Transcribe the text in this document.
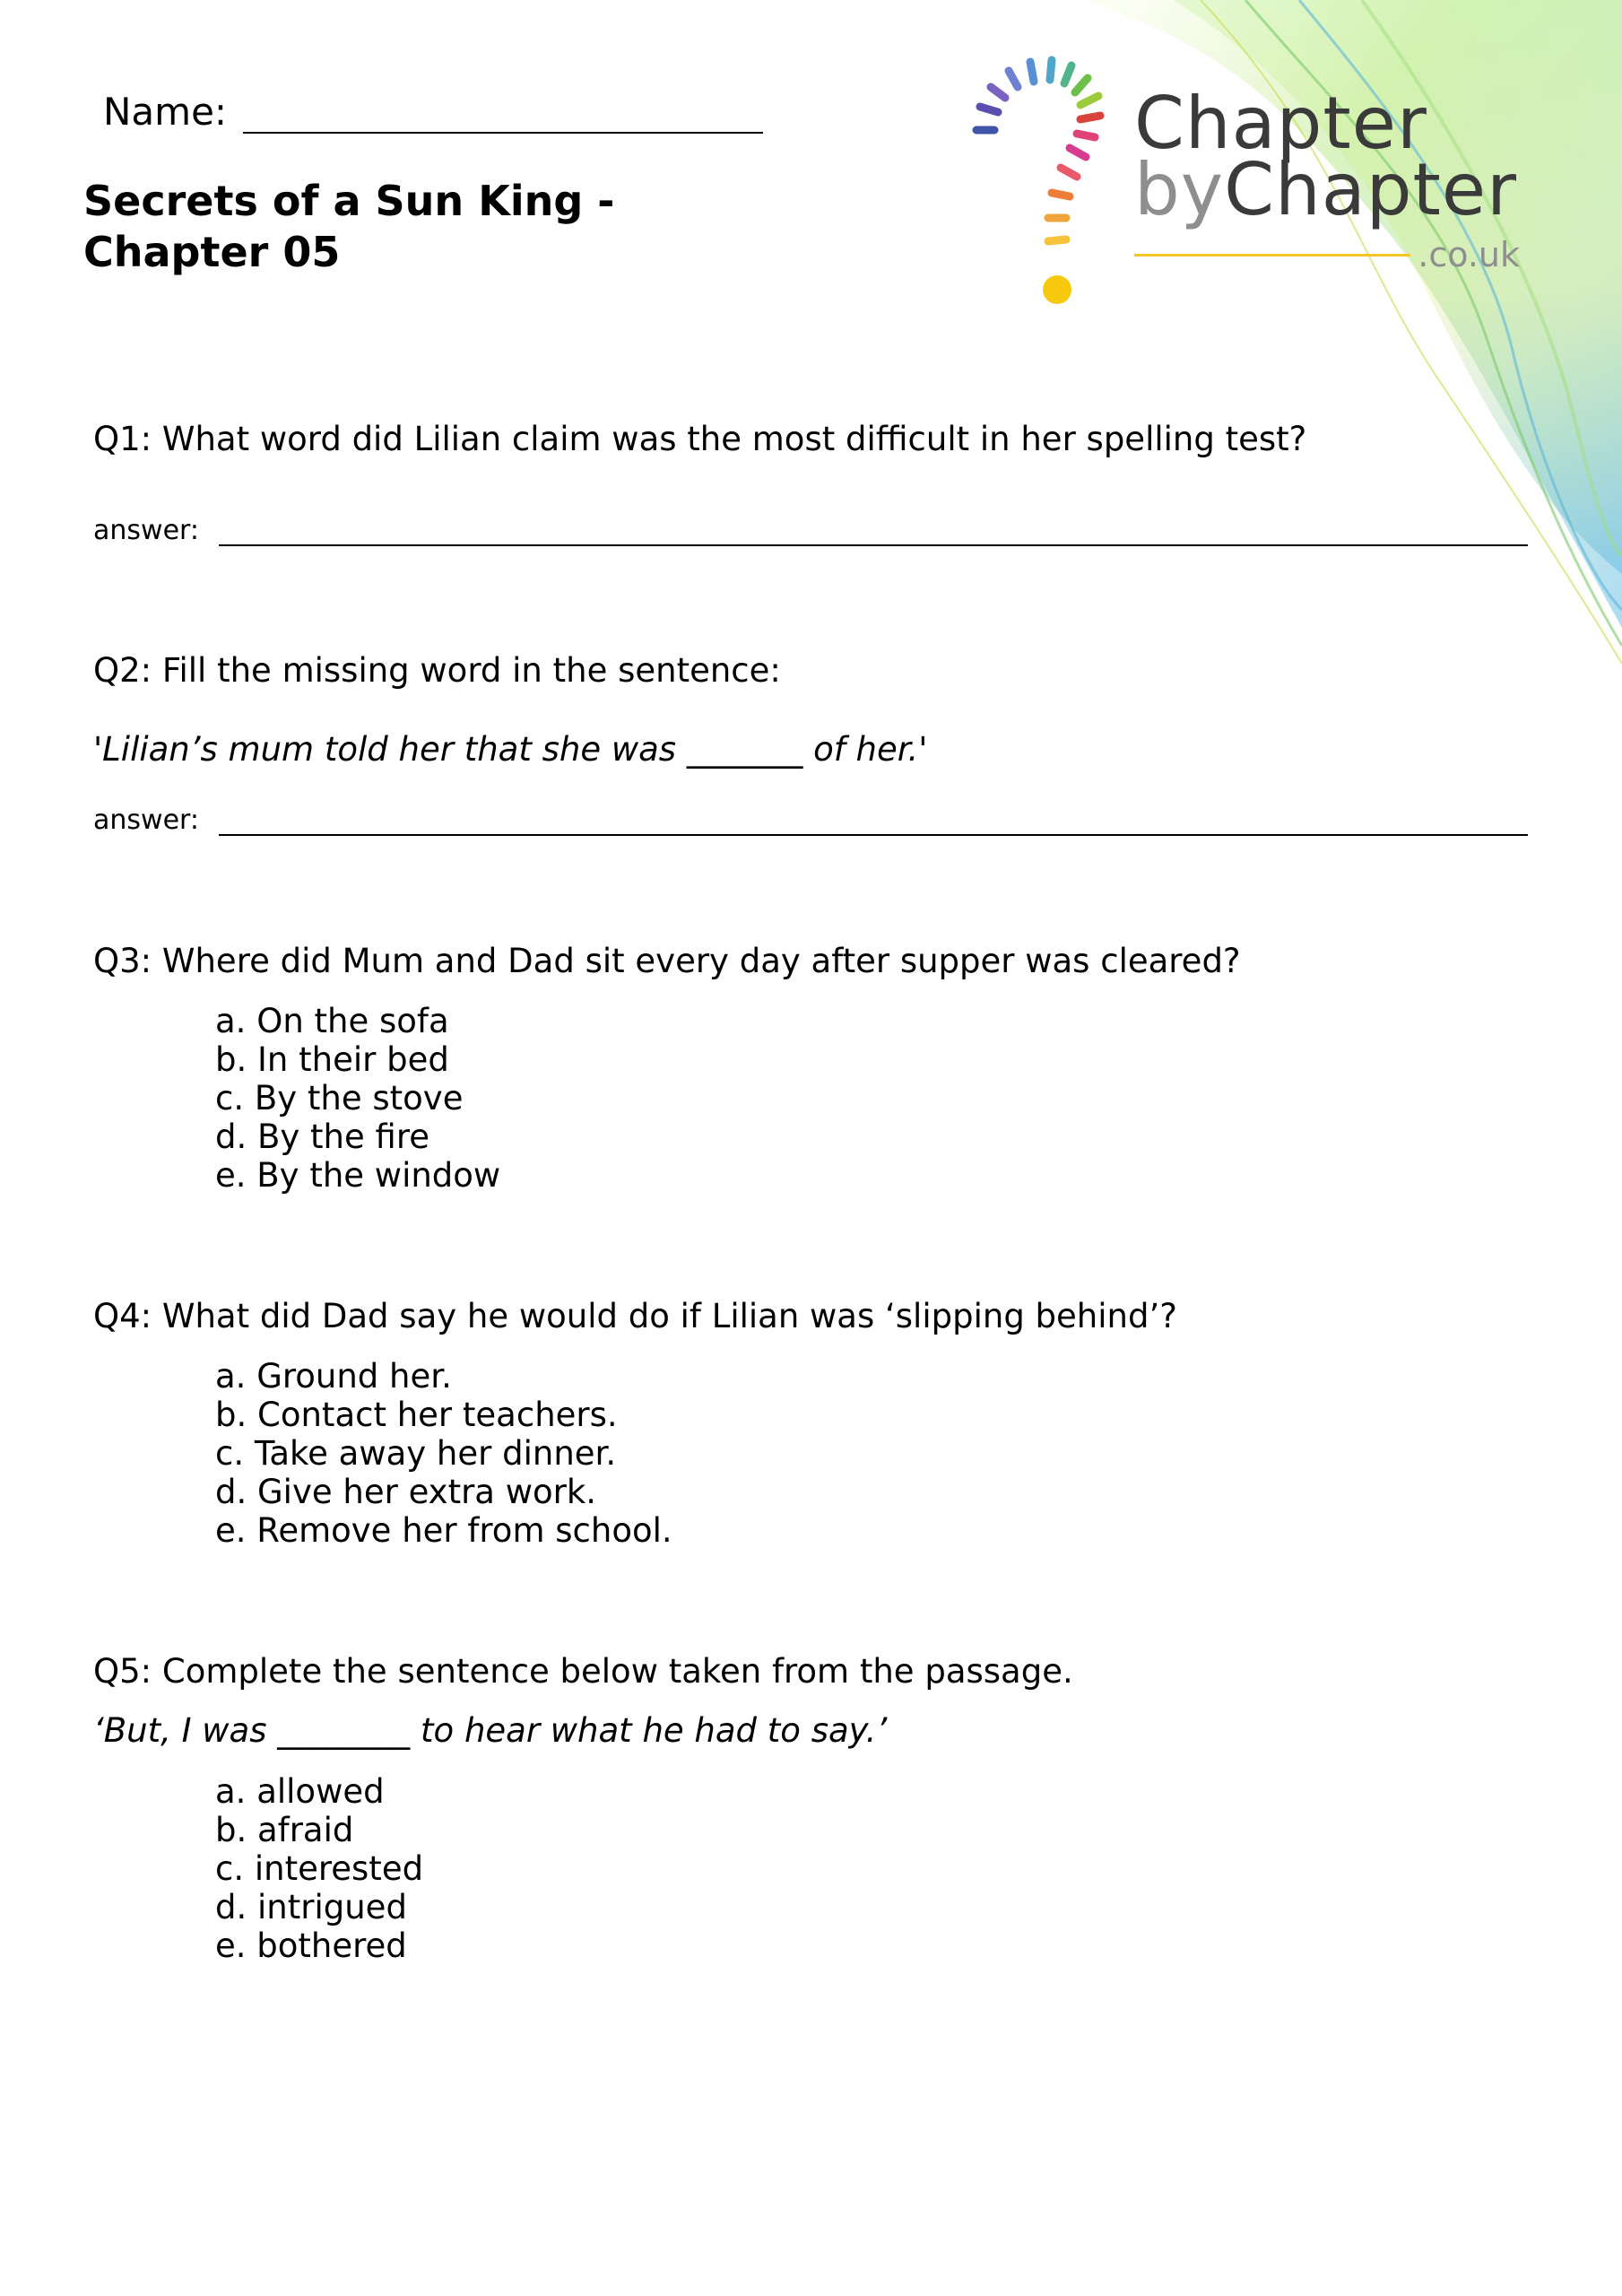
Name:
Secrets of a Sun King - Chapter 05
Chapter
byChapter
.co.uk
Q1: What word did Lilian claim was the most difficult in her spelling test?
answer:
Q2: Fill the missing word in the sentence:
'Lilian’s mum told her that she was _______ of her.'
answer:
Q3: Where did Mum and Dad sit every day after supper was cleared?
a. On the sofa
b. In their bed
c. By the stove
d. By the fire
e. By the window
Q4: What did Dad say he would do if Lilian was ‘slipping behind’?
a. Ground her.
b. Contact her teachers.
c. Take away her dinner.
d. Give her extra work.
e. Remove her from school.
Q5: Complete the sentence below taken from the passage.
‘But, I was ________ to hear what he had to say.’
a. allowed
b. afraid
c. interested
d. intrigued
e. bothered
